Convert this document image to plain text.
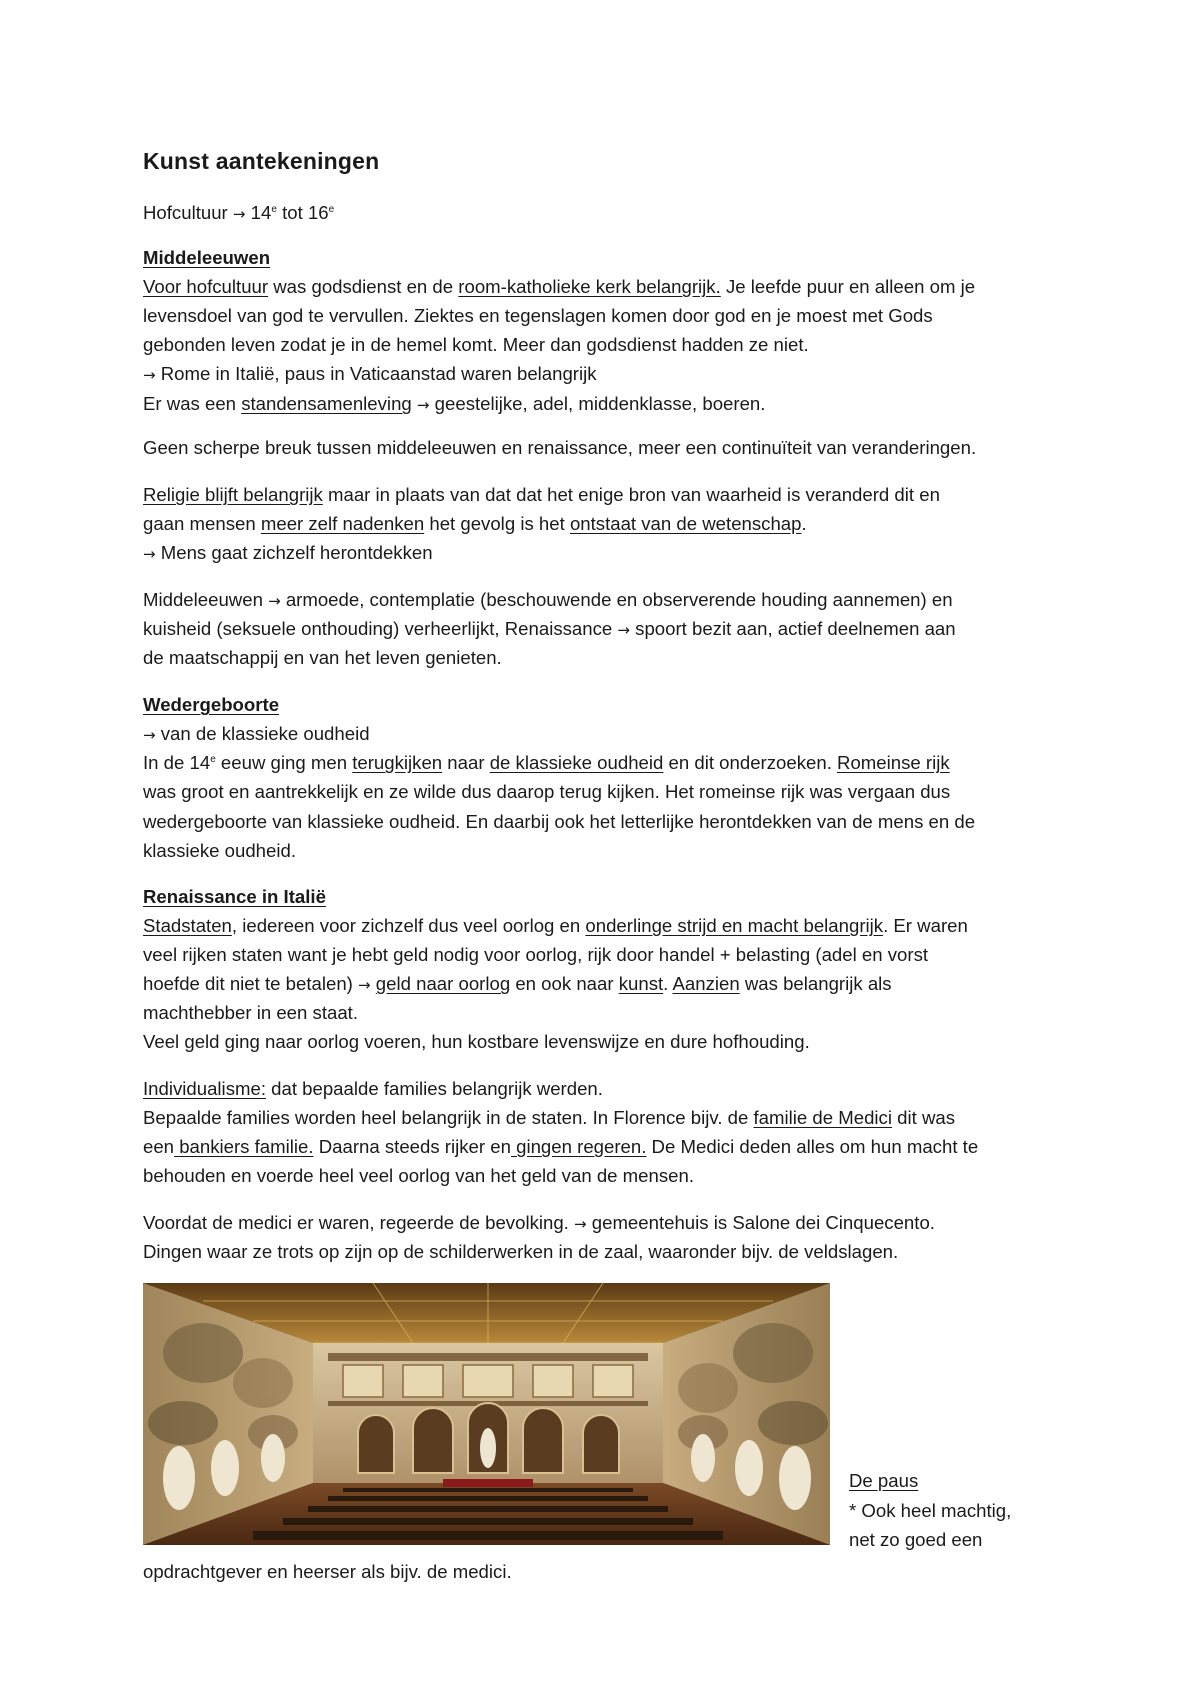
Kunst aantekeningen
Hofcultuur → $14^e$ tot 16e
Middeleeuwen
Voor hofcultuur was godsdienst en de room-katholieke kerk belangrijk. Je leefde puur en alleen om je
levensdoel van god te vervullen. Ziektes en tegenslagen komen door god en je moest met Gods
gebonden leven zodat je in de hemel komt. Meer dan godsdienst hadden ze niet.
→ Rome in Italië, paus in Vaticaanstad waren belangrijk
Er was een standensamenleving → geestelijke, adel, middenklasse, boeren.
Geen scherpe breuk tussen middeleeuwen en renaissance, meer een continuïteit van veranderingen.
Religie blijft belangrijk maar in plaats van dat dat het enige bron van waarheid is veranderd dit en
gaan mensen meer zelf nadenken het gevolg is het ontstaat van de wetenschap.
→ Mens gaat zichzelf herontdekken
Middeleeuwen → armoede, contemplatie (beschouwende en observerende houding aannemen) en
kuisheid (seksuele onthouding) verheerlijkt, Renaissance → spoort bezit aan, actief deelnemen aan
de maatschappij en van het leven genieten.
Wedergeboorte
→ van de klassieke oudheid
In de 14e eeuw ging men terugkijken naar de klassieke oudheid en dit onderzoeken. Romeinse rijk
was groot en aantrekkelijk en ze wilde dus daarop terug kijken. Het romeinse rijk was vergaan dus
wedergeboorte van klassieke oudheid. En daarbij ook het letterlijke herontdekken van de mens en de
klassieke oudheid.
Renaissance in Italië
Stadstaten, iedereen voor zichzelf dus veel oorlog en onderlinge strijd en macht belangrijk. Er waren
veel rijken staten want je hebt geld nodig voor oorlog, rijk door handel + belasting (adel en vorst
hoefde dit niet te betalen) → geld naar oorlog en ook naar kunst. Aanzien was belangrijk als
machthebber in een staat.
Veel geld ging naar oorlog voeren, hun kostbare levenswijze en dure hofhouding.
Individualisme: dat bepaalde families belangrijk werden.
Bepaalde families worden heel belangrijk in de staten. In Florence bijv. de familie de Medici dit was
een bankiers familie. Daarna steeds rijker en gingen regeren. De Medici deden alles om hun macht te
behouden en voerde heel veel oorlog van het geld van de mensen.
Voordat de medici er waren, regeerde de bevolking. → gemeentehuis is Salone dei Cinquecento.
Dingen waar ze trots op zijn op de schilderwerken in de zaal, waaronder bijv. de veldslagen.
De paus
* Ook heel machtig,
net zo goed een
opdrachtgever en heerser als bijv. de medici.
